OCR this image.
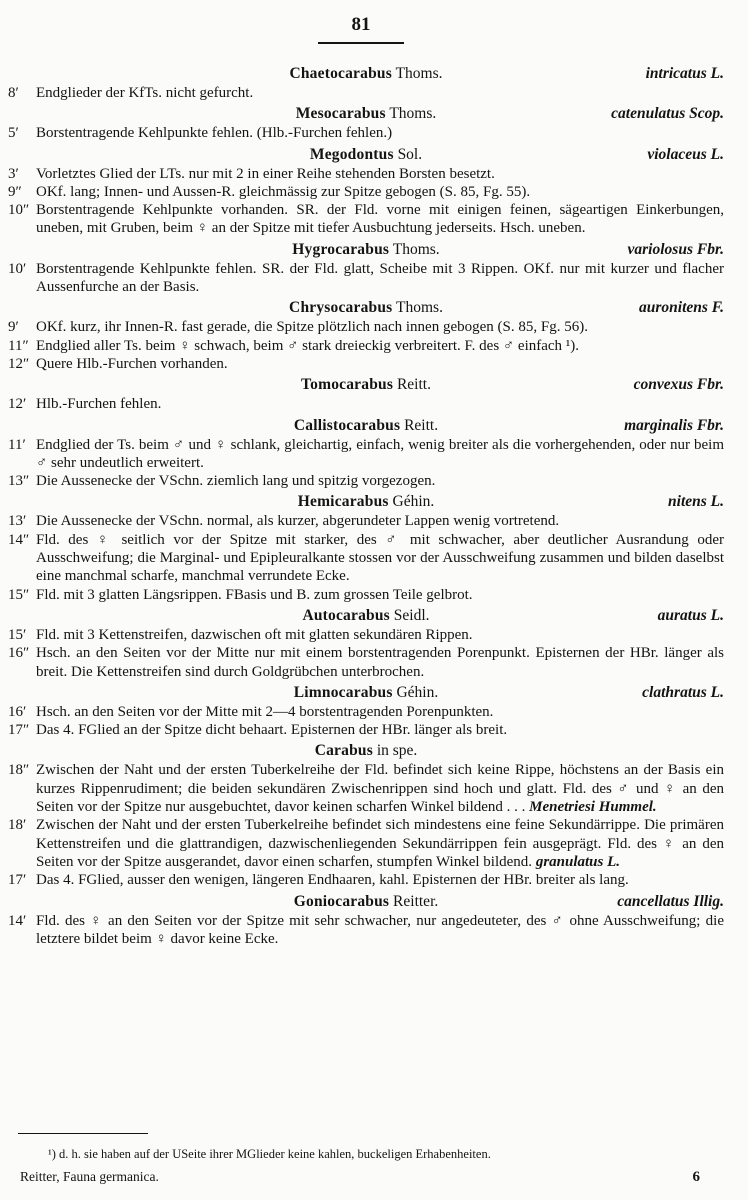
81
Chaetocarabus Thoms.	intricatus L.
8′	Endglieder der KfTs. nicht gefurcht.
Mesocarabus Thoms.	catenulatus Scop.
5′	Borstentragende Kehlpunkte fehlen. (Hlb.-Furchen fehlen.)
Megodontus Sol.	violaceus L.
3′	Vorletztes Glied der LTs. nur mit 2 in einer Reihe stehenden Borsten besetzt.
9″ OKf. lang; Innen- und Aussen-R. gleichmässig zur Spitze gebogen (S. 85, Fg. 55).
10″ Borstentragende Kehlpunkte vorhanden. SR. der Fld. vorne mit einigen feinen, sägeartigen Einkerbungen, uneben, mit Gruben, beim ♀ an der Spitze mit tiefer Ausbuchtung jederseits. Hsch. uneben.
Hygrocarabus Thoms.	variolosus Fbr.
10′ Borstentragende Kehlpunkte fehlen. SR. der Fld. glatt, Scheibe mit 3 Rippen. OKf. nur mit kurzer und flacher Aussenfurche an der Basis.
Chrysocarabus Thoms.	auronitens F.
9′	OKf. kurz, ihr Innen-R. fast gerade, die Spitze plötzlich nach innen gebogen (S. 85, Fg. 56).
11″ Endglied aller Ts. beim ♀ schwach, beim ♂ stark dreieckig verbreitert. F. des ♂ einfach ¹).
12″ Quere Hlb.-Furchen vorhanden.
Tomocarabus Reitt.	convexus Fbr.
12′ Hlb.-Furchen fehlen.
Callistocarabus Reitt.	marginalis Fbr.
11′ Endglied der Ts. beim ♂ und ♀ schlank, gleichartig, einfach, wenig breiter als die vorhergehenden, oder nur beim ♂ sehr undeutlich erweitert.
13″ Die Aussenecke der VSchn. ziemlich lang und spitzig vorgezogen.
Hemicarabus Géhin.	nitens L.
13′ Die Aussenecke der VSchn. normal, als kurzer, abgerundeter Lappen wenig vortretend.
14″ Fld. des ♀ seitlich vor der Spitze mit starker, des ♂ mit schwacher, aber deutlicher Ausrandung oder Ausschweifung; die Marginal- und Epipleuralkante stossen vor der Ausschweifung zusammen und bilden daselbst eine manchmal scharfe, manchmal verrundete Ecke.
15″ Fld. mit 3 glatten Längsrippen. FBasis und B. zum grossen Teile gelbrot.
Autocarabus Seidl.	auratus L.
15′ Fld. mit 3 Kettenstreifen, dazwischen oft mit glatten sekundären Rippen.
16″ Hsch. an den Seiten vor der Mitte nur mit einem borstentragenden Porenpunkt. Episternen der HBr. länger als breit. Die Kettenstreifen sind durch Goldgrübchen unterbrochen.
Limnocarabus Géhin.	clathratus L.
16′ Hsch. an den Seiten vor der Mitte mit 2—4 borstentragenden Porenpunkten.
17″ Das 4. FGlied an der Spitze dicht behaart. Episternen der HBr. länger als breit.
Carabus in spe.
18″ Zwischen der Naht und der ersten Tuberkelreihe der Fld. befindet sich keine Rippe, höchstens an der Basis ein kurzes Rippenrudiment; die beiden sekundären Zwischenrippen sind hoch und glatt. Fld. des ♂ und ♀ an den Seiten vor der Spitze nur ausgebuchtet, davor keinen scharfen Winkel bildend . . . Menetriesi Hummel.
18′ Zwischen der Naht und der ersten Tuberkelreihe befindet sich mindestens eine feine Sekundärrippe. Die primären Kettenstreifen und die glattrandigen, dazwischenliegenden Sekundärrippen fein ausgeprägt. Fld. des ♀ an den Seiten vor der Spitze ausgerandet, davor einen scharfen, stumpfen Winkel bildend. granulatus L.
17′ Das 4. FGlied, ausser den wenigen, längeren Endhaaren, kahl. Episternen der HBr. breiter als lang.
Goniocarabus Reitter.	cancellatus Illig.
14′ Fld. des ♀ an den Seiten vor der Spitze mit sehr schwacher, nur angedeuteter, des ♂ ohne Ausschweifung; die letztere bildet beim ♀ davor keine Ecke.
¹) d. h. sie haben auf der USeite ihrer MGlieder keine kahlen, buckeligen Erhabenheiten.
Reitter, Fauna germanica.	6
